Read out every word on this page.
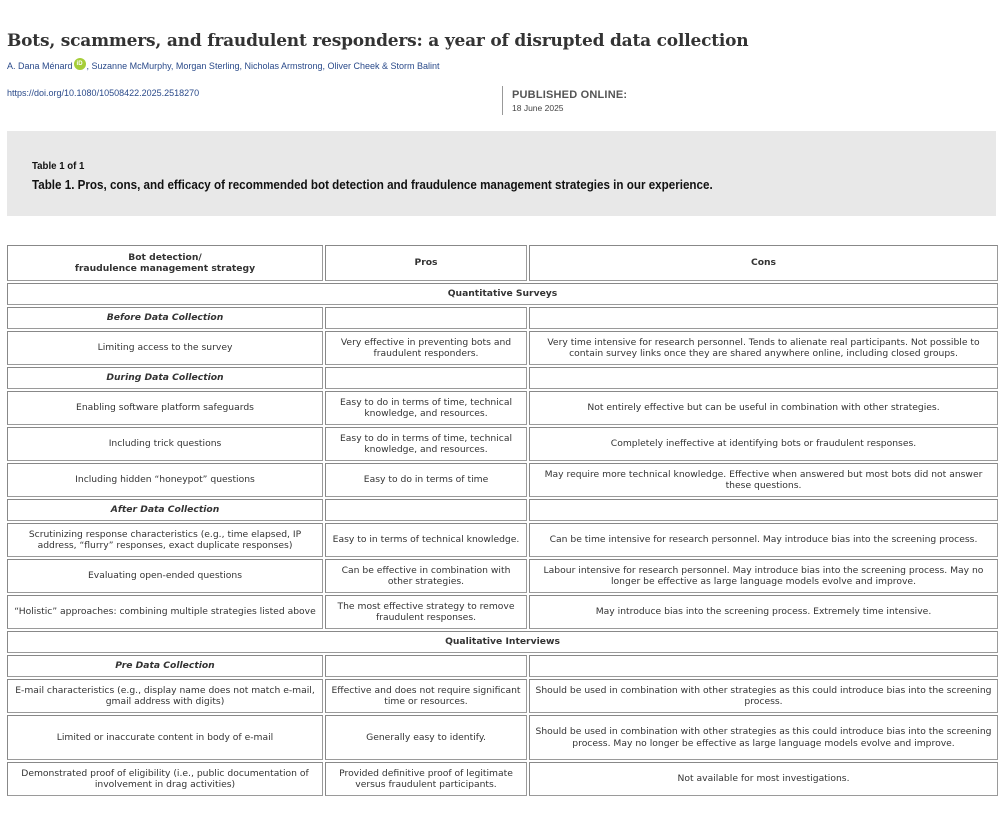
Bots, scammers, and fraudulent responders: a year of disrupted data collection
A. Dana Ménard iD , Suzanne McMurphy, Morgan Sterling, Nicholas Armstrong, Oliver Cheek & Storm Balint
https://doi.org/10.1080/10508422.2025.2518270	PUBLISHED ONLINE:
18 June 2025
Table 1 of 1
Table 1. Pros, cons, and efficacy of recommended bot detection and fraudulence management strategies in our experience.
Bot detection/
fraudulence management strategy	Pros	Cons
Quantitative Surveys		
Before Data Collection		
Limiting access to the survey	Very effective in preventing bots and fraudulent responders.	Very time intensive for research personnel. Tends to alienate real participants. Not possible to contain survey links once they are shared anywhere online, including closed groups.
During Data Collection		
Enabling software platform safeguards	Easy to do in terms of time, technical knowledge, and resources.	Not entirely effective but can be useful in combination with other strategies.
Including trick questions	Easy to do in terms of time, technical knowledge, and resources.	Completely ineffective at identifying bots or fraudulent responses.
Including hidden “honeypot” questions	Easy to do in terms of time	May require more technical knowledge. Effective when answered but most bots did not answer these questions.
After Data Collection		
Scrutinizing response characteristics (e.g., time elapsed, IP address, “flurry” responses, exact duplicate responses)	Easy to in terms of technical knowledge.	Can be time intensive for research personnel. May introduce bias into the screening process.
Evaluating open-ended questions	Can be effective in combination with other strategies.	Labour intensive for research personnel. May introduce bias into the screening process. May no longer be effective as large language models evolve and improve.
“Holistic” approaches: combining multiple strategies listed above	The most effective strategy to remove fraudulent responses.	May introduce bias into the screening process. Extremely time intensive.
Qualitative Interviews		
Pre Data Collection		
E-mail characteristics (e.g., display name does not match e-mail, gmail address with digits)	Effective and does not require significant time or resources.	Should be used in combination with other strategies as this could introduce bias into the screening process.
Limited or inaccurate content in body of e-mail	Generally easy to identify.	Should be used in combination with other strategies as this could introduce bias into the screening process. May no longer be effective as large language models evolve and improve.
Demonstrated proof of eligibility (i.e., public documentation of involvement in drag activities)	Provided definitive proof of legitimate versus fraudulent participants.	Not available for most investigations.
